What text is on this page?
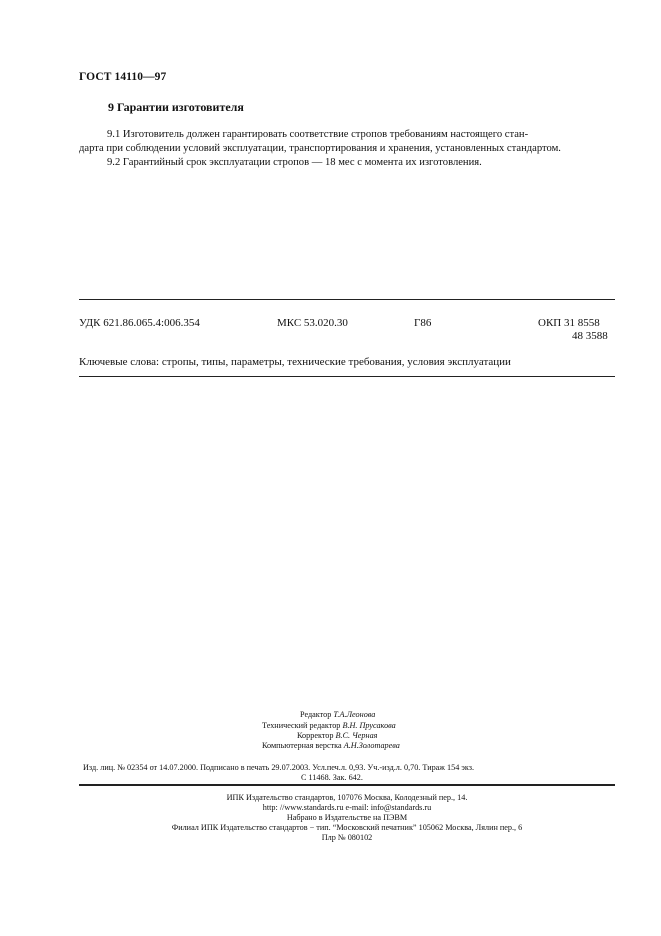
ГОСТ 14110—97
9 Гарантии изготовителя
9.1 Изготовитель должен гарантировать соответствие стропов требованиям настоящего стан-
дарта при соблюдении условий эксплуатации, транспортирования и хранения, установленных стандартом.
9.2 Гарантийный срок эксплуатации стропов — 18 мес с момента их изготовления.
УДК 621.86.065.4:006.354	МКС 53.020.30	Г86	ОКП 31 8558
48 3588
Ключевые слова: стропы, типы, параметры, технические требования, условия эксплуатации
Редактор Т.А.Леонова
Технический редактор В.Н. Прусакова
Корректор В.С. Черная
Компьютерная верстка А.Н.Золотарева
Изд. лиц. № 02354 от 14.07.2000. Подписано в печать 29.07.2003. Усл.печ.л. 0,93. Уч.-изд.л. 0,70. Тираж 154 экз.
С 11468. Зак. 642.
ИПК Издательство стандартов, 107076 Москва, Колодезный пер., 14.
http: //www.standards.ru e-mail: info@standards.ru
Набрано в Издательстве на ПЭВМ
Филиал ИПК Издательство стандартов − тип. “Московский печатник” 105062 Москва, Лялин пер., 6
Плр № 080102
